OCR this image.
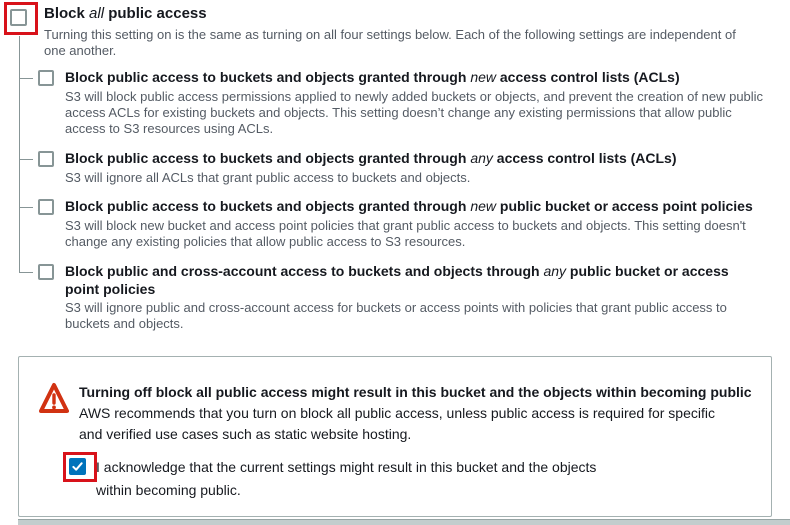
Block all public access
Turning this setting on is the same as turning on all four settings below. Each of the following settings are independent of one another.
Block public access to buckets and objects granted through new access control lists (ACLs)
S3 will block public access permissions applied to newly added buckets or objects, and prevent the creation of new public access ACLs for existing buckets and objects. This setting doesn’t change any existing permissions that allow public access to S3 resources using ACLs.
Block public access to buckets and objects granted through any access control lists (ACLs)
S3 will ignore all ACLs that grant public access to buckets and objects.
Block public access to buckets and objects granted through new public bucket or access point policies
S3 will block new bucket and access point policies that grant public access to buckets and objects. This setting doesn't change any existing policies that allow public access to S3 resources.
Block public and cross-account access to buckets and objects through any public bucket or access point policies
S3 will ignore public and cross-account access for buckets or access points with policies that grant public access to buckets and objects.
Turning off block all public access might result in this bucket and the objects within becoming public
AWS recommends that you turn on block all public access, unless public access is required for specific and verified use cases such as static website hosting.
I acknowledge that the current settings might result in this bucket and the objects within becoming public.
